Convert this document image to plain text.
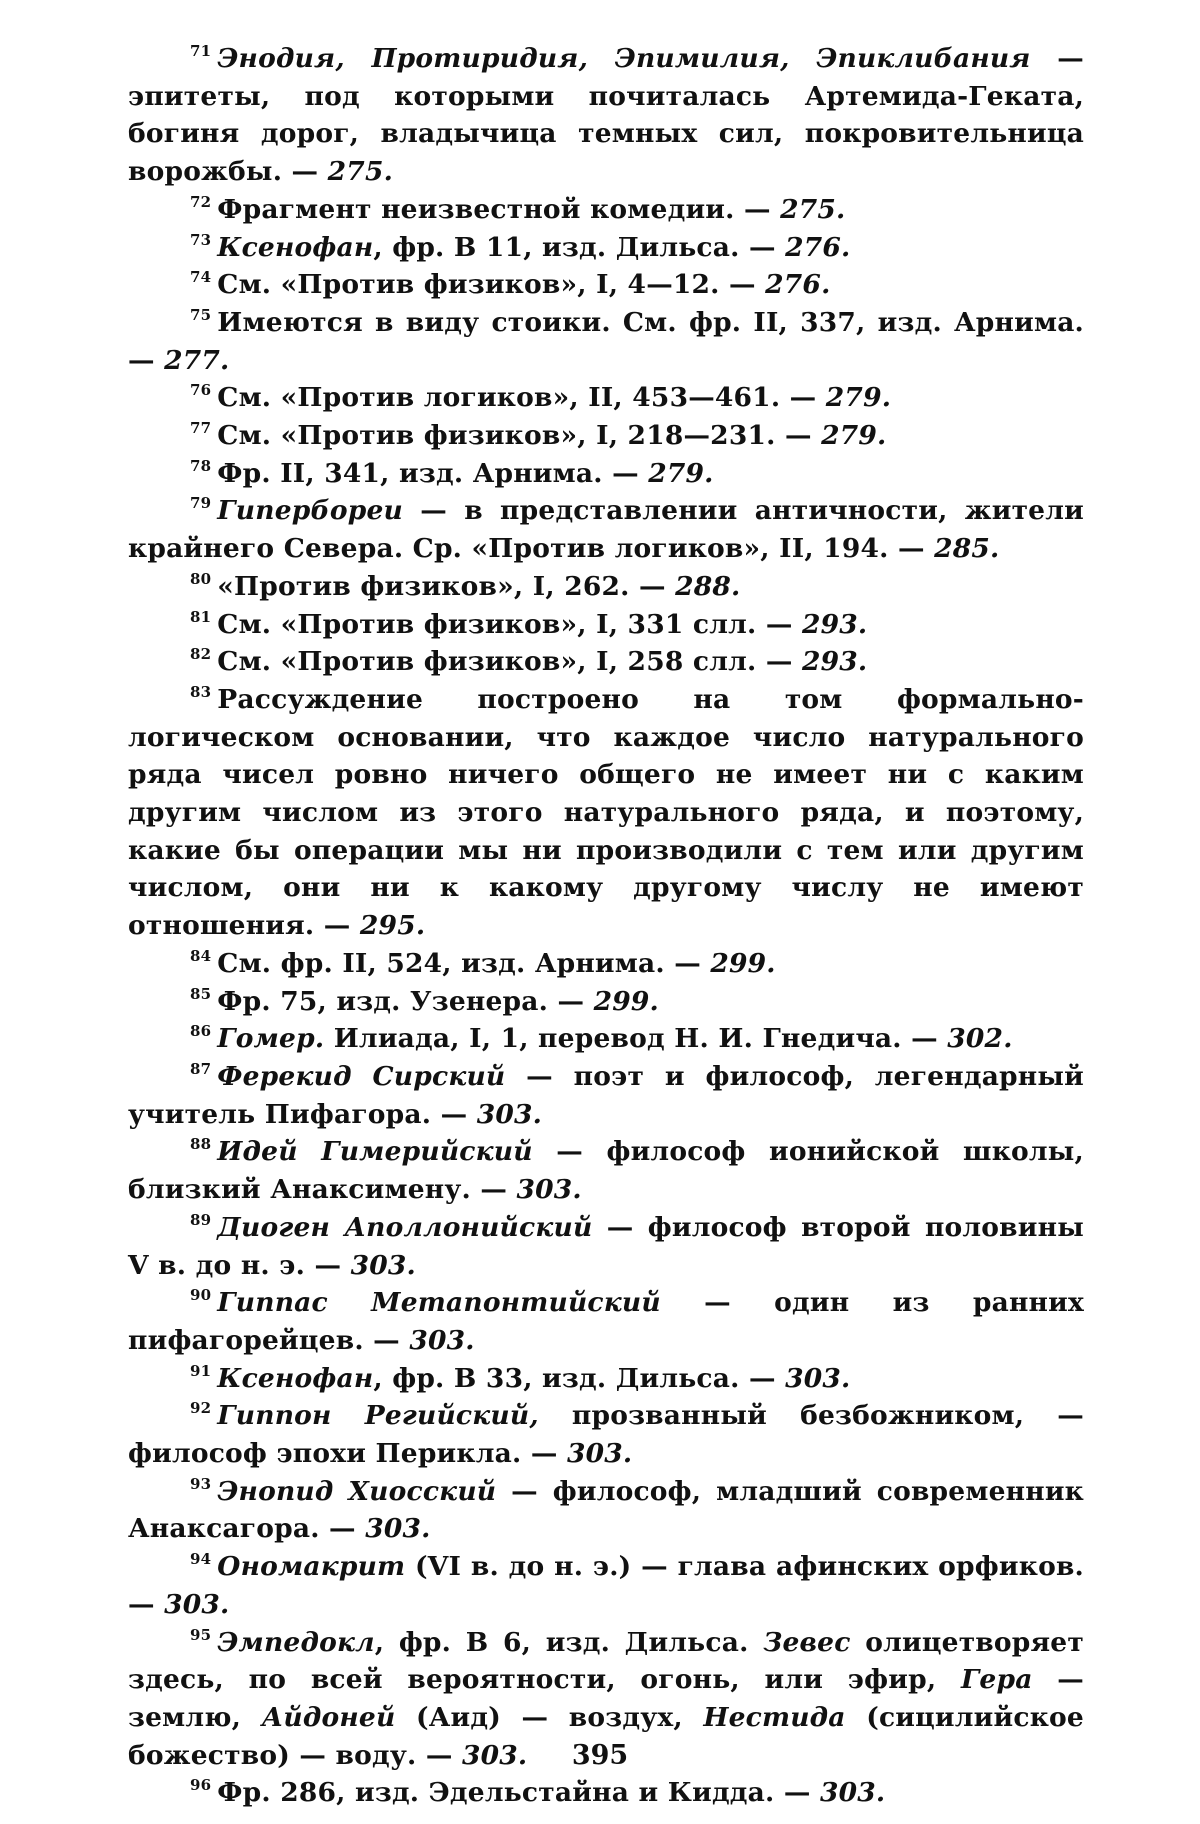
$^{71}$ Энодия, Протиридия, Эпимилия, Эпиклибания — эпитеты, под которыми почиталась Артемида-Геката, богиня дорог, владычица темных сил, покровительница ворожбы. — 275.

$^{72}$ Фрагмент неизвестной комедии. — 275.

$^{73}$ Ксенофан, фр. В 11, изд. Дильса. — 276.

$^{74}$ См. «Против физиков», I, 4—12. — 276.

$^{75}$ Имеются в виду стоики. См. фр. II, 337, изд. Арнима. — 277.

$^{76}$ См. «Против логиков», II, 453—461. — 279.

$^{77}$ См. «Против физиков», I, 218—231. — 279.

$^{78}$ Фр. II, 341, изд. Арнима. — 279.

$^{79}$ Гипербореи — в представлении античности, жители крайнего Севера. Ср. «Против логиков», II, 194. — 285.

$^{80}$ «Против физиков», I, 262. — 288.

$^{81}$ См. «Против физиков», I, 331 слл. — 293.

$^{82}$ См. «Против физиков», I, 258 слл. — 293.

$^{83}$ Рассуждение построено на том формально-логическом основании, что каждое число натурального ряда чисел ровно ничего общего не имеет ни с каким другим числом из этого натурального ряда, и поэтому, какие бы операции мы ни производили с тем или другим числом, они ни к какому другому числу не имеют отношения. — 295.

$^{84}$ См. фр. II, 524, изд. Арнима. — 299.

$^{85}$ Фр. 75, изд. Узенера. — 299.

$^{86}$ Гомер. Илиада, I, 1, перевод Н. И. Гнедича. — 302.

$^{87}$ Ферекид Сирский — поэт и философ, легендарный учитель Пифагора. — 303.

$^{88}$ Идей Гимерийский — философ ионийской школы, близкий Анаксимену. — 303.

$^{89}$ Диоген Аполлонийский — философ второй половины V в. до н. э. — 303.

$^{90}$ Гиппас Метапонтийский — один из ранних пифагорейцев. — 303.

$^{91}$ Ксенофан, фр. В 33, изд. Дильса. — 303.

$^{92}$ Гиппон Регийский, прозванный безбожником, — философ эпохи Перикла. — 303.

$^{93}$ Энопид Хиосский — философ, младший современник Анаксагора. — 303.

$^{94}$ Ономакрит (VI в. до н. э.) — глава афинских орфиков. — 303.

$^{95}$ Эмпедокл, фр. В 6, изд. Дильса. Зевес олицетворяет здесь, по всей вероятности, огонь, или эфир, Гера — землю, Айдоней (Аид) — воздух, Нестида (сицилийское божество) — воду. — 303.

$^{96}$ Фр. 286, изд. Эдельстайна и Кидда. — 303.

395
